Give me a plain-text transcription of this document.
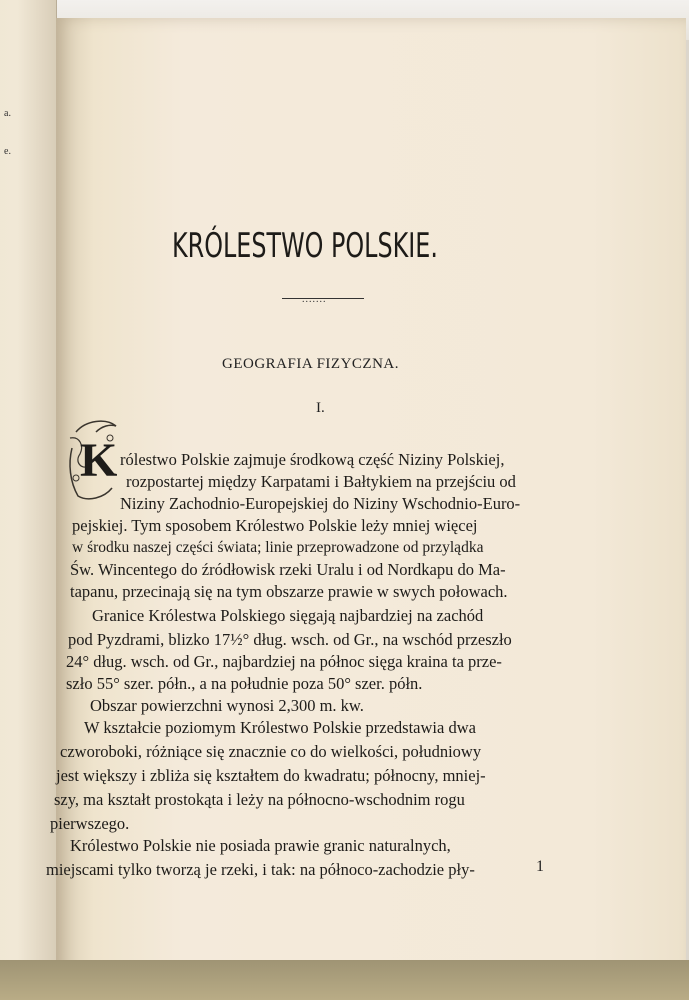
a.
e.
KRÓLESTWO POLSKIE.
.......
GEOGRAFIA FIZYCZNA.
I.
K rólestwo Polskie zajmuje środkową część Niziny Polskiej,
rozpostartej między Karpatami i Bałtykiem na przejściu od
Niziny Zachodnio-Europejskiej do Niziny Wschodnio-Euro-
pejskiej. Tym sposobem Królestwo Polskie leży mniej więcej
w środku naszej części świata; linie przeprowadzone od przylądka
Św. Wincentego do źródłowisk rzeki Uralu i od Nordkapu do Ma-
tapanu, przecinają się na tym obszarze prawie w swych połowach.
Granice Królestwa Polskiego sięgają najbardziej na zachód
pod Pyzdrami, blizko 17½° dług. wsch. od Gr., na wschód przeszło
24° dług. wsch. od Gr., najbardziej na północ sięga kraina ta prze-
szło 55° szer. półn., a na południe poza 50° szer. półn.
Obszar powierzchni wynosi 2,300 m. kw.
W kształcie poziomym Królestwo Polskie przedstawia dwa
czworoboki, różniące się znacznie co do wielkości, południowy
jest większy i zbliża się kształtem do kwadratu; północny, mniej-
szy, ma kształt prostokąta i leży na północno-wschodnim rogu
pierwszego.
Królestwo Polskie nie posiada prawie granic naturalnych,
miejscami tylko tworzą je rzeki, i tak: na północo-zachodzie pły-	1
